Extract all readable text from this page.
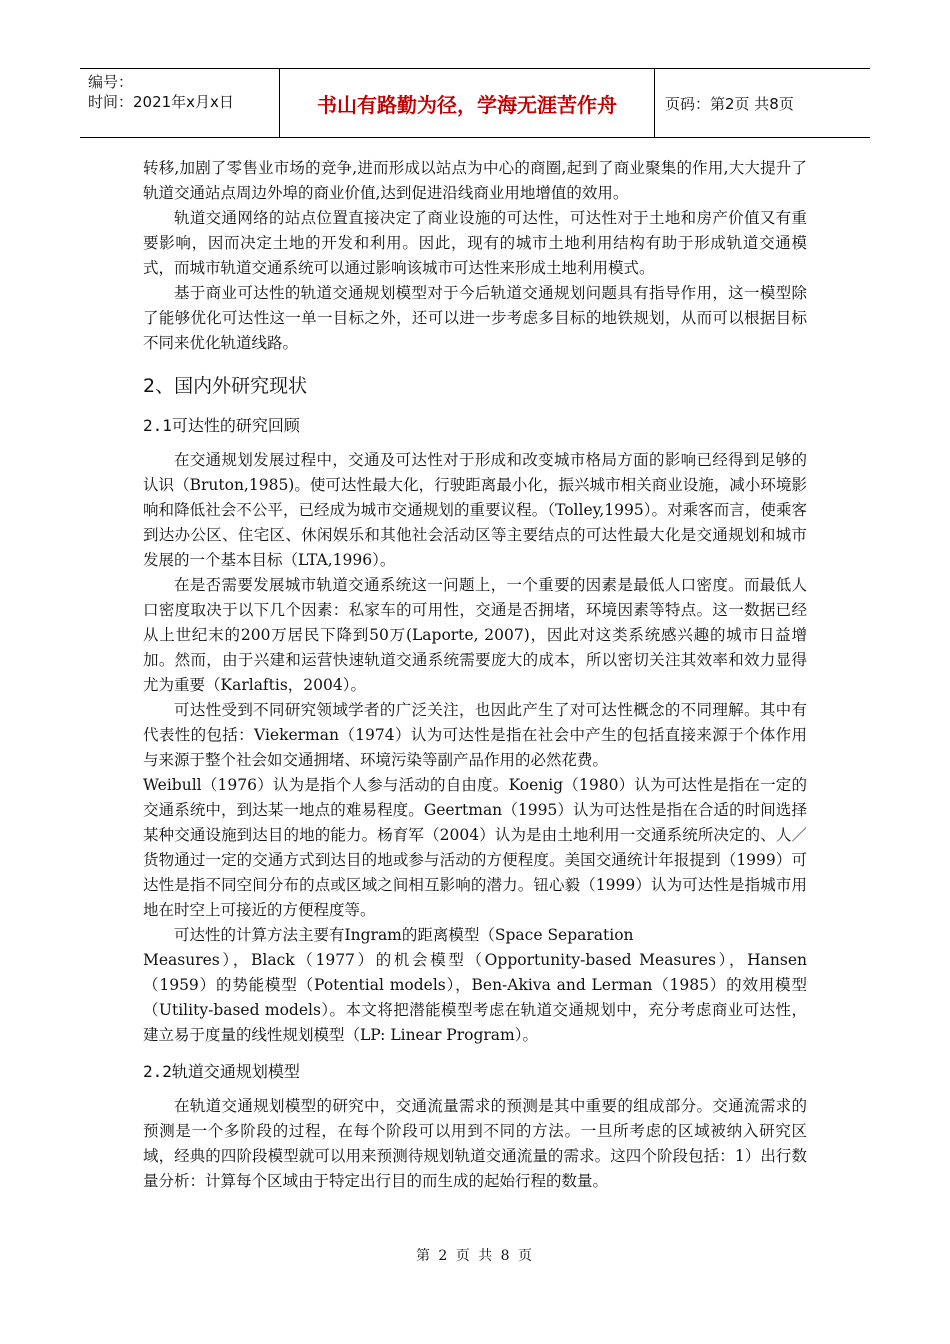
编号：
时间：2021年x月x日	书山有路勤为径，学海无涯苦作舟	页码：第2页 共8页

转移,加剧了零售业市场的竞争,进而形成以站点为中心的商圈,起到了商业聚集的作用,大大提升了轨道交通站点周边外埠的商业价值,达到促进沿线商业用地增值的效用。

轨道交通网络的站点位置直接决定了商业设施的可达性，可达性对于土地和房产价值又有重要影响，因而决定土地的开发和利用。因此，现有的城市土地利用结构有助于形成轨道交通模式，而城市轨道交通系统可以通过影响该城市可达性来形成土地利用模式。

基于商业可达性的轨道交通规划模型对于今后轨道交通规划问题具有指导作用，这一模型除了能够优化可达性这一单一目标之外，还可以进一步考虑多目标的地铁规划，从而可以根据目标不同来优化轨道线路。

2、国内外研究现状
2.1可达性的研究回顾

在交通规划发展过程中，交通及可达性对于形成和改变城市格局方面的影响已经得到足够的认识（Bruton,1985)。使可达性最大化，行驶距离最小化，振兴城市相关商业设施，减小环境影响和降低社会不公平，已经成为城市交通规划的重要议程。（Tolley,1995）。对乘客而言，使乘客到达办公区、住宅区、休闲娱乐和其他社会活动区等主要结点的可达性最大化是交通规划和城市发展的一个基本目标（LTA,1996）。

在是否需要发展城市轨道交通系统这一问题上，一个重要的因素是最低人口密度。而最低人口密度取决于以下几个因素：私家车的可用性，交通是否拥堵，环境因素等特点。这一数据已经从上世纪末的200万居民下降到50万(Laporte, 2007)，因此对这类系统感兴趣的城市日益增加。然而，由于兴建和运营快速轨道交通系统需要庞大的成本，所以密切关注其效率和效力显得尤为重要（Karlaftis，2004）。

可达性受到不同研究领域学者的广泛关注，也因此产生了对可达性概念的不同理解。其中有代表性的包括：Viekerman（1974）认为可达性是指在社会中产生的包括直接来源于个体作用与来源于整个社会如交通拥堵、环境污染等副产品作用的必然花费。

Weibull（1976）认为是指个人参与活动的自由度。Koenig（1980）认为可达性是指在一定的交通系统中，到达某一地点的难易程度。Geertman（1995）认为可达性是指在合适的时间选择某种交通设施到达目的地的能力。杨育军（2004）认为是由土地利用一交通系统所决定的、人／货物通过一定的交通方式到达目的地或参与活动的方便程度。美国交通统计年报提到（1999）可达性是指不同空间分布的点或区域之间相互影响的潜力。钮心毅（1999）认为可达性是指城市用地在时空上可接近的方便程度等。

可达性的计算方法主要有Ingram的距离模型（Space Separation

Measures），Black（1977）的机会模型（Opportunity-based Measures），Hansen（1959）的势能模型（Potential models），Ben-Akiva and Lerman（1985）的效用模型（Utility-based models）。本文将把潜能模型考虑在轨道交通规划中，充分考虑商业可达性，建立易于度量的线性规划模型（LP: Linear Program）。

2.2轨道交通规划模型

在轨道交通规划模型的研究中，交通流量需求的预测是其中重要的组成部分。交通流需求的预测是一个多阶段的过程，在每个阶段可以用到不同的方法。一旦所考虑的区域被纳入研究区域，经典的四阶段模型就可以用来预测待规划轨道交通流量的需求。这四个阶段包括：1）出行数量分析：计算每个区域由于特定出行目的而生成的起始行程的数量。

第 2 页 共 8 页
